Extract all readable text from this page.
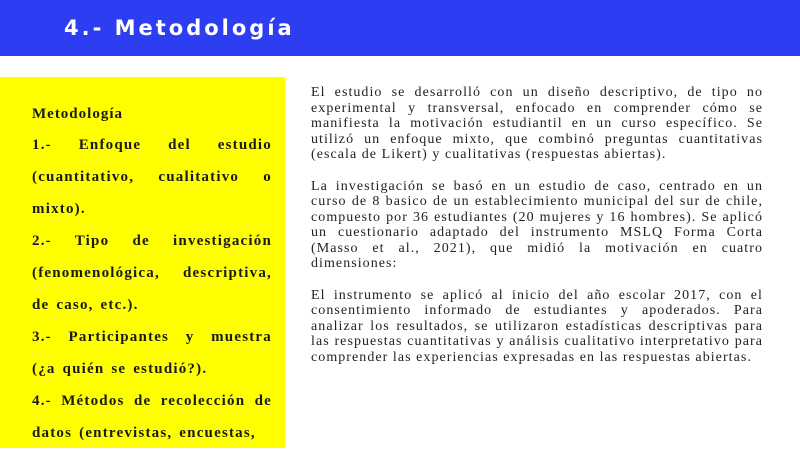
4.- Metodología
Metodología
1.- Enfoque del estudio (cuantitativo, cualitativo o mixto).
2.- Tipo de investigación (fenomenológica, descriptiva, de caso, etc.).
3.- Participantes y muestra (¿a quién se estudió?).
4.- Métodos de recolección de datos (entrevistas, encuestas,

El estudio se desarrolló con un diseño descriptivo, de tipo no experimental y transversal, enfocado en comprender cómo se manifiesta la motivación estudiantil en un curso específico. Se utilizó un enfoque mixto, que combinó preguntas cuantitativas (escala de Likert) y cualitativas (respuestas abiertas).

La investigación se basó en un estudio de caso, centrado en un curso de 8 basico de un establecimiento municipal del sur de chile, compuesto por 36 estudiantes (20 mujeres y 16 hombres). Se aplicó un cuestionario adaptado del instrumento MSLQ Forma Corta (Masso et al., 2021), que midió la motivación en cuatro dimensiones:

El instrumento se aplicó al inicio del año escolar 2017, con el consentimiento informado de estudiantes y apoderados. Para analizar los resultados, se utilizaron estadísticas descriptivas para las respuestas cuantitativas y análisis cualitativo interpretativo para comprender las experiencias expresadas en las respuestas abiertas.
